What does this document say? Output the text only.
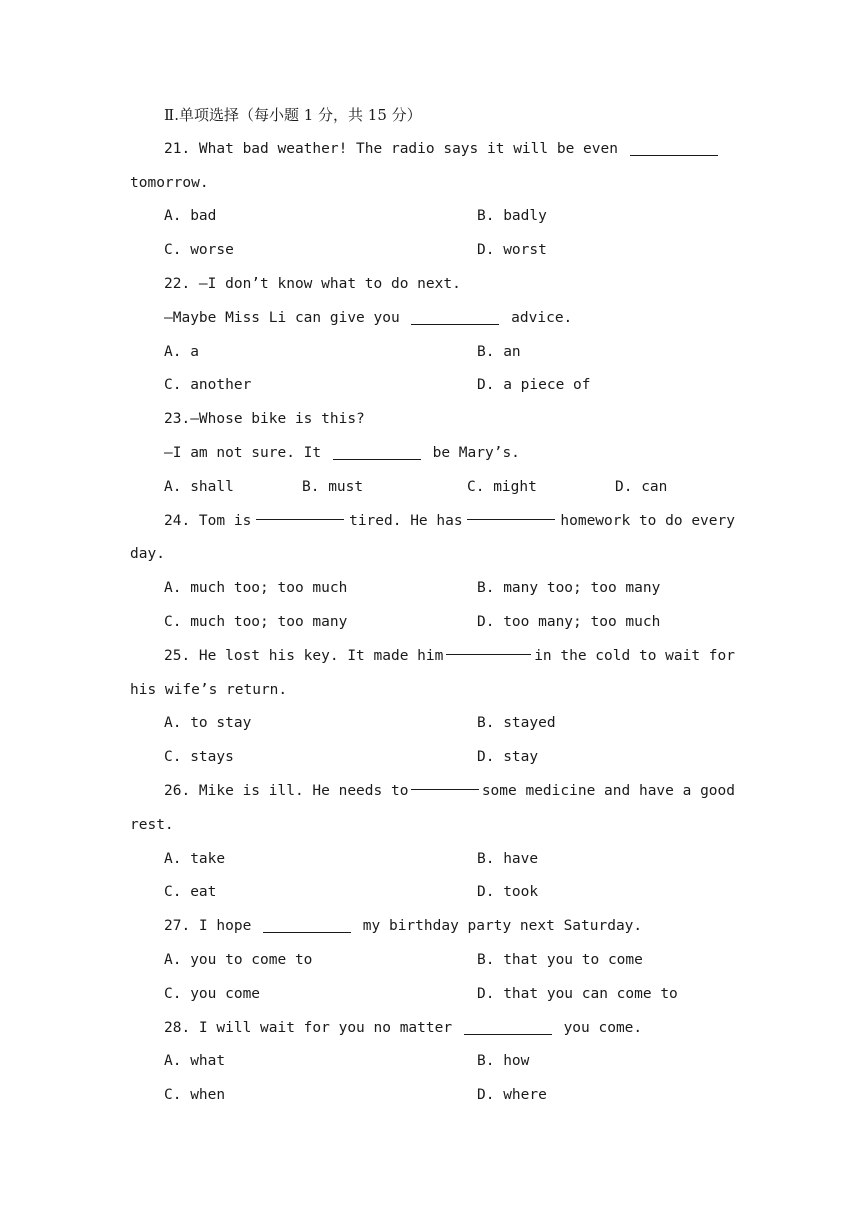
Ⅱ.单项选择（每小题 1 分，共 15 分）
21. What bad weather! The radio says it will be even
tomorrow.
A. bad	B. badly
C. worse	D. worst
22. —I don’t know what to do next.
—Maybe Miss Li can give you	advice.
A. a	B. an
C. another	D. a piece of
23.—Whose bike is this?
—I am not sure. It	be Mary’s.
A. shall	B. must	C. might	D. can
24. Tom is	tired. He has	homework to do every
day.
A. much too; too much	B. many too; too many
C. much too; too many	D. too many; too much
25. He lost his key. It made him	in the cold to wait for
his wife’s return.
A. to stay	B. stayed
C. stays	D. stay
26. Mike is ill. He needs to	some medicine and have a good
rest.
A. take	B. have
C. eat	D. took
27. I hope	my birthday party next Saturday.
A. you to come to	B. that you to come
C. you come	D. that you can come to
28. I will wait for you no matter	you come.
A. what	B. how
C. when	D. where
